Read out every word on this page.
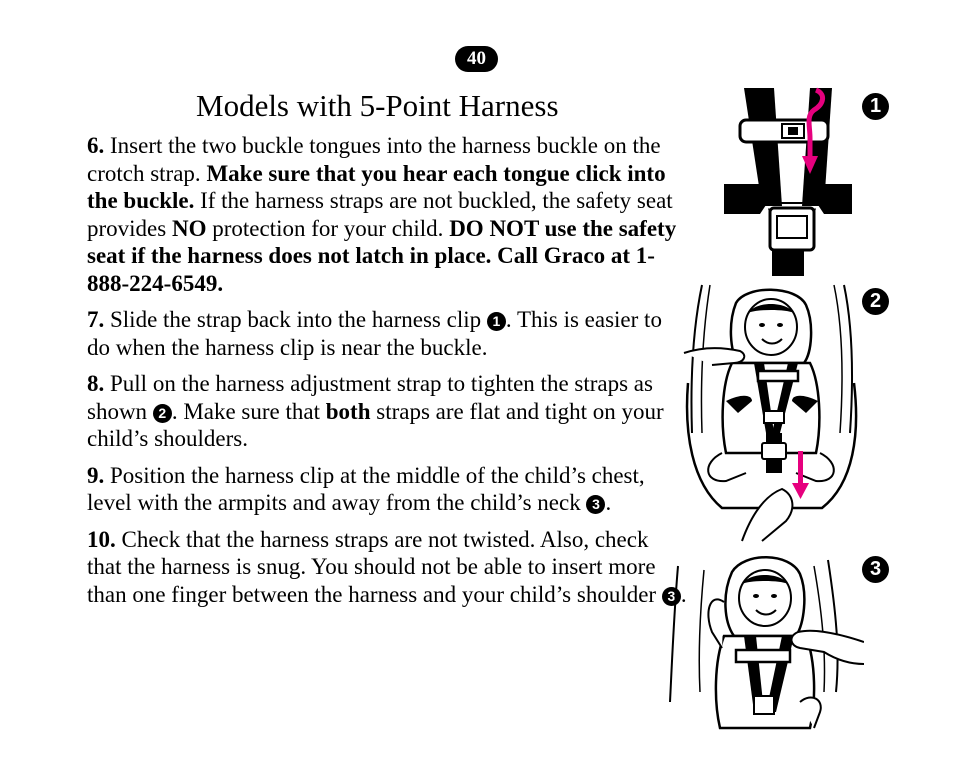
40
Models with 5-Point Harness

6. Insert the two buckle tongues into the harness buckle on the crotch strap. Make sure that you hear each tongue click into the buckle. If the harness straps are not buckled, the safety seat provides NO protection for your child. DO NOT use the safety seat if the harness does not latch in place. Call Graco at 1-888-224-6549.

7. Slide the strap back into the harness clip 1 . This is easier to do when the harness clip is near the buckle.

8. Pull on the harness adjustment strap to tighten the straps as shown 2 . Make sure that both straps are flat and tight on your child’s shoulders.

9. Position the harness clip at the middle of the child’s chest, level with the armpits and away from the child’s neck 3 .

10. Check that the harness straps are not twisted. Also, check that the harness is snug. You should not be able to insert more than one finger between the harness and your child’s shoulder 3 .

1
2
3
